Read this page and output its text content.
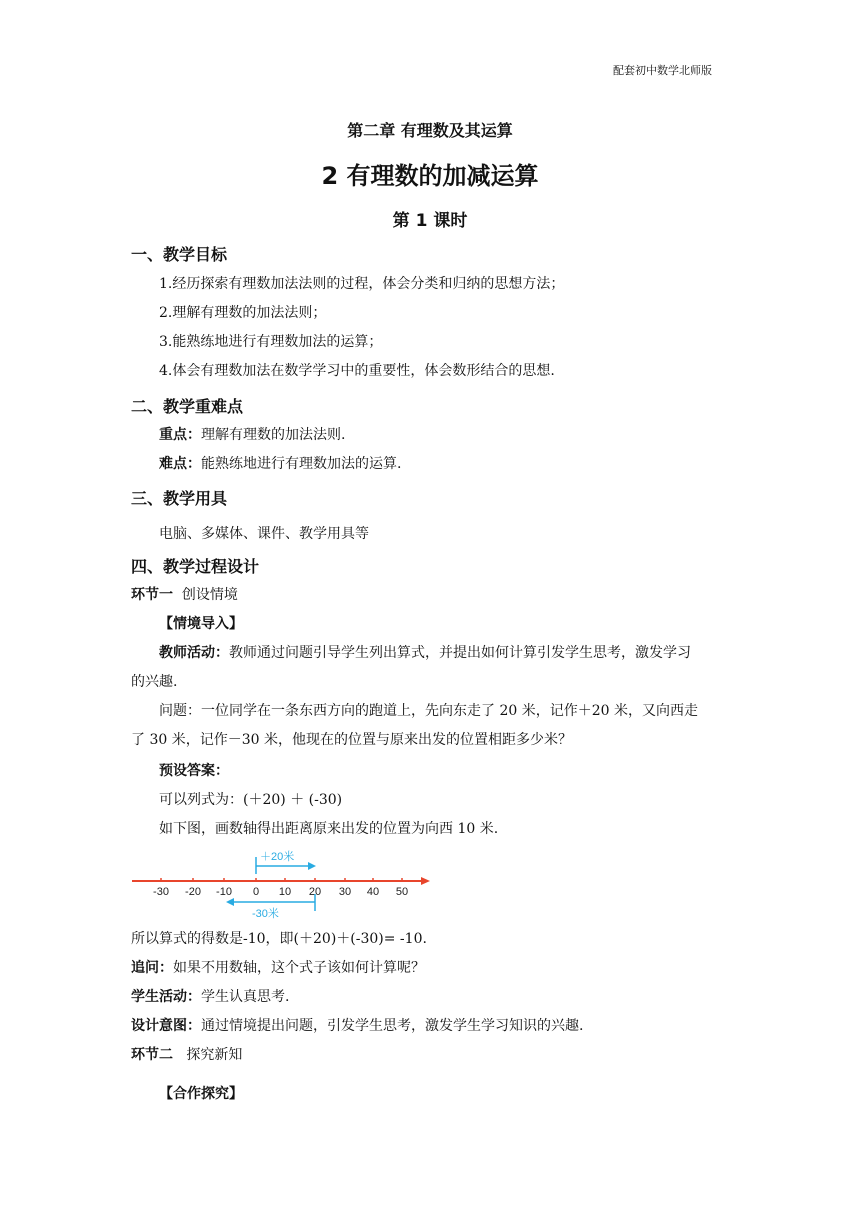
配套初中数学北师版
第二章 有理数及其运算
2 有理数的加减运算
第 1 课时
一、教学目标
1.经历探索有理数加法法则的过程，体会分类和归纳的思想方法；
2.理解有理数的加法法则；
3.能熟练地进行有理数加法的运算；
4.体会有理数加法在数学学习中的重要性，体会数形结合的思想.
二、教学重难点
重点：理解有理数的加法法则.
难点：能熟练地进行有理数加法的运算.
三、教学用具
电脑、多媒体、课件、教学用具等
四、教学过程设计
环节一 创设情境
【情境导入】
教师活动：教师通过问题引导学生列出算式，并提出如何计算引发学生思考，激发学习
的兴趣.
问题：一位同学在一条东西方向的跑道上，先向东走了 20 米，记作＋20 米，又向西走
了 30 米，记作－30 米，他现在的位置与原来出发的位置相距多少米？
预设答案：
可以列式为：(＋20) ＋ (-30)
如下图，画数轴得出距离原来出发的位置为向西 10 米.
＋20米
-30 -20 -10 0 10 20 30 40 50
-30米
所以算式的得数是-10，即(＋20)＋(-30)= -10.
追问：如果不用数轴，这个式子该如何计算呢？
学生活动：学生认真思考.
设计意图：通过情境提出问题，引发学生思考，激发学生学习知识的兴趣.
环节二 探究新知
【合作探究】
